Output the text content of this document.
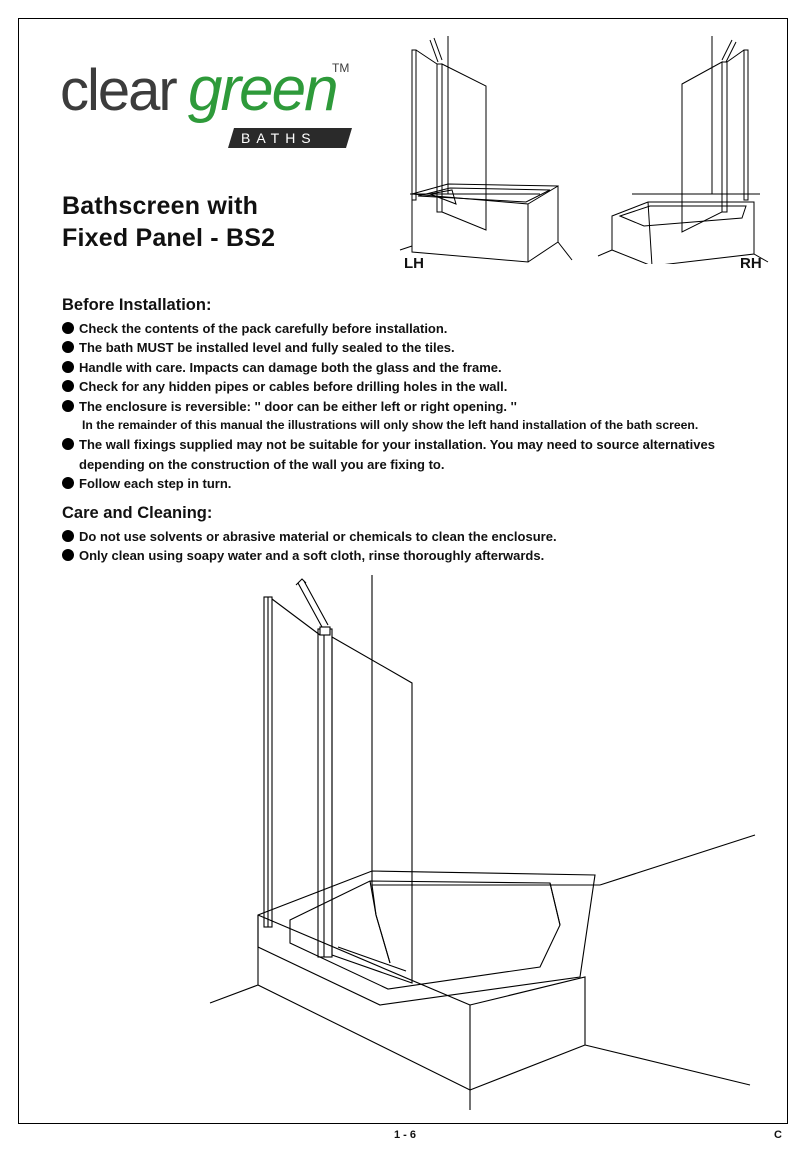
clear green
TM
BATHS
Bathscreen with
Fixed Panel - BS2
LH	RH
Before Installation:
Check the contents of the pack carefully before installation.
The bath MUST be installed level and fully sealed to the tiles.
Handle with care. Impacts can damage both the glass and the frame.
Check for any hidden pipes or cables before drilling holes in the wall.
The enclosure is reversible: '' door can be either left or right opening. ''
In the remainder of this manual the illustrations will only show the left hand installation of the bath screen.
The wall fixings supplied may not be suitable for your installation. You may need to source alternatives
depending on the construction of the wall you are fixing to.
Follow each step in turn.
Care and Cleaning:
Do not use solvents or abrasive material or chemicals to clean the enclosure.
Only clean using soapy water and a soft cloth, rinse thoroughly afterwards.
1 - 6	C
